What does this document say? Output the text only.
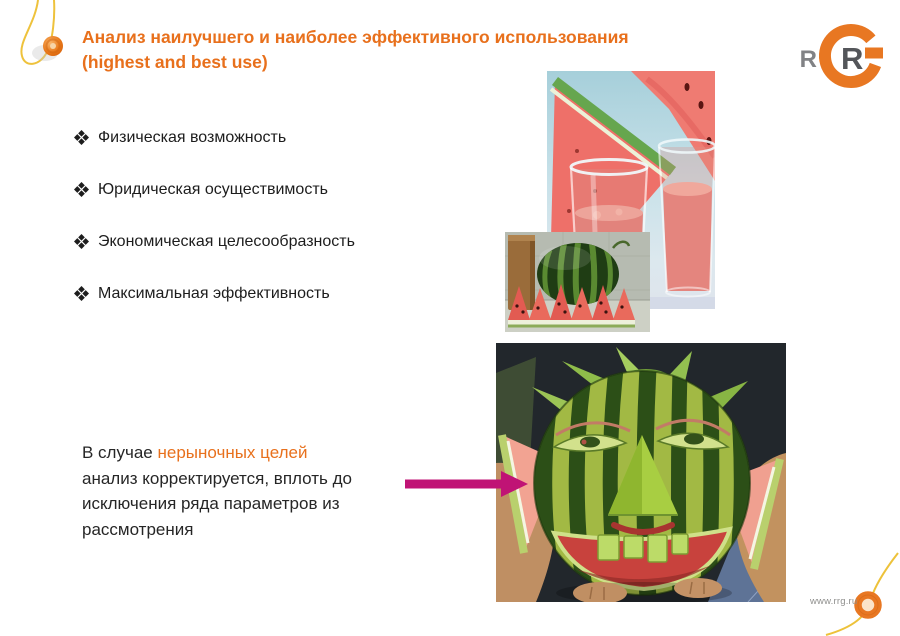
Анализ наилучшего и наиболее эффективного использования
(highest and best use)	R R
Физическая возможность
Юридическая осуществимость
Экономическая целесообразность
Максимальная эффективность
В случае нерыночных целей
анализ корректируется, вплоть до
исключения ряда параметров из
рассмотрения
www.rrg.ru
